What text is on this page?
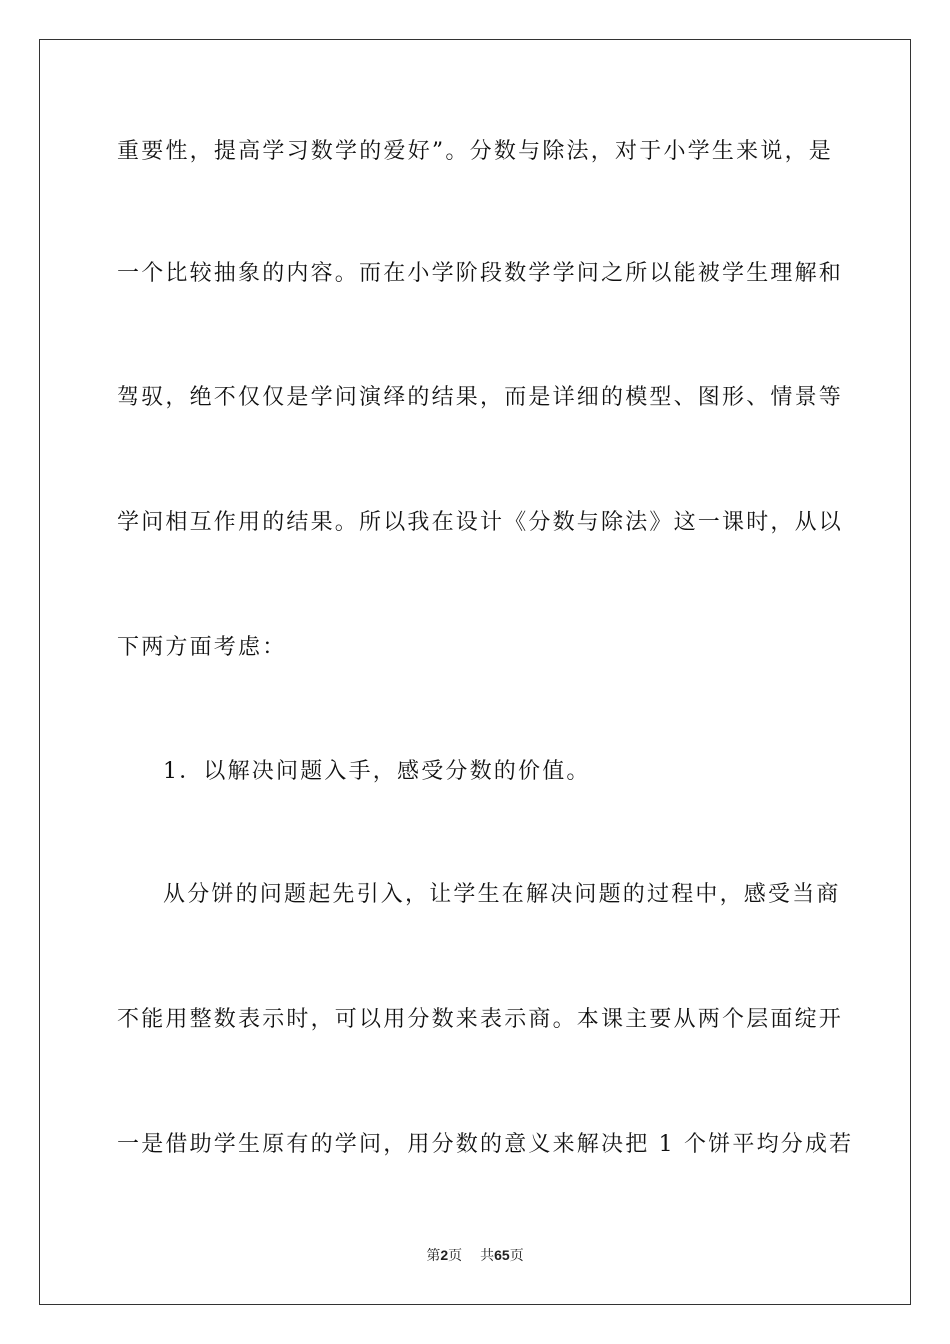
重要性，提高学习数学的爱好”。分数与除法，对于小学生来说，是
一个比较抽象的内容。而在小学阶段数学学问之所以能被学生理解和
驾驭，绝不仅仅是学问演绎的结果，而是详细的模型、图形、情景等
学问相互作用的结果。所以我在设计《分数与除法》这一课时，从以
下两方面考虑：
1．以解决问题入手，感受分数的价值。
从分饼的问题起先引入，让学生在解决问题的过程中，感受当商
不能用整数表示时，可以用分数来表示商。本课主要从两个层面绽开
一是借助学生原有的学问，用分数的意义来解决把 1 个饼平均分成若
第2页 共65页
